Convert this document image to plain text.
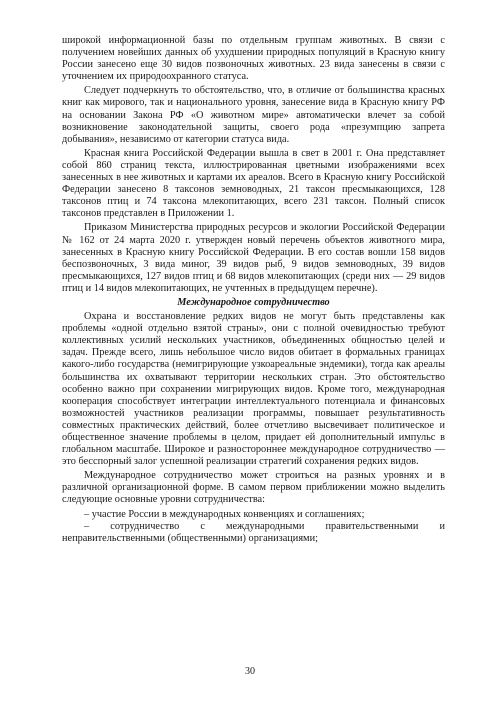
широкой информационной базы по отдельным группам животных. В связи с получением новейших данных об ухудшении природных популяций в Красную книгу России занесено еще 30 видов позвоночных животных. 23 вида занесены в связи с уточнением их природоохранного статуса.

Следует подчеркнуть то обстоятельство, что, в отличие от большинства красных книг как мирового, так и национального уровня, занесение вида в Красную книгу РФ на основании Закона РФ «О животном мире» автоматически влечет за собой возникновение законодательной защиты, своего рода «презумпцию запрета добывания», независимо от категории статуса вида.

Красная книга Российской Федерации вышла в свет в 2001 г. Она представляет собой 860 страниц текста, иллюстрированная цветными изображениями всех занесенных в нее животных и картами их ареалов. Всего в Красную книгу Российской Федерации занесено 8 таксонов земноводных, 21 таксон пресмыкающихся, 128 таксонов птиц и 74 таксона млекопитающих, всего 231 таксон. Полный список таксонов представлен в Приложении 1.

Приказом Министерства природных ресурсов и экологии Российской Федерации № 162 от 24 марта 2020 г. утвержден новый перечень объектов животного мира, занесенных в Красную книгу Российской Федерации. В его состав вошли 158 видов беспозвоночных, 3 вида миног, 39 видов рыб, 9 видов земноводных, 39 видов пресмыкающихся, 127 видов птиц и 68 видов млекопитающих (среди них — 29 видов птиц и 14 видов млекопитающих, не учтенных в предыдущем перечне).

Международное сотрудничество

Охрана и восстановление редких видов не могут быть представлены как проблемы «одной отдельно взятой страны», они с полной очевидностью требуют коллективных усилий нескольких участников, объединенных общностью целей и задач. Прежде всего, лишь небольшое число видов обитает в формальных границах какого-либо государства (немигрирующие узкоареальные эндемики), тогда как ареалы большинства их охватывают территории нескольких стран. Это обстоятельство особенно важно при сохранении мигрирующих видов. Кроме того, международная кооперация способствует интеграции интеллектуального потенциала и финансовых возможностей участников реализации программы, повышает результативность совместных практических действий, более отчетливо высвечивает политическое и общественное значение проблемы в целом, придает ей дополнительный импульс в глобальном масштабе. Широкое и разностороннее международное сотрудничество — это бесспорный залог успешной реализации стратегий сохранения редких видов.

Международное сотрудничество может строиться на разных уровнях и в различной организационной форме. В самом первом приближении можно выделить следующие основные уровни сотрудничества:

– участие России в международных конвенциях и соглашениях;

– сотрудничество с международными правительственными и неправительственными (общественными) организациями;

30
